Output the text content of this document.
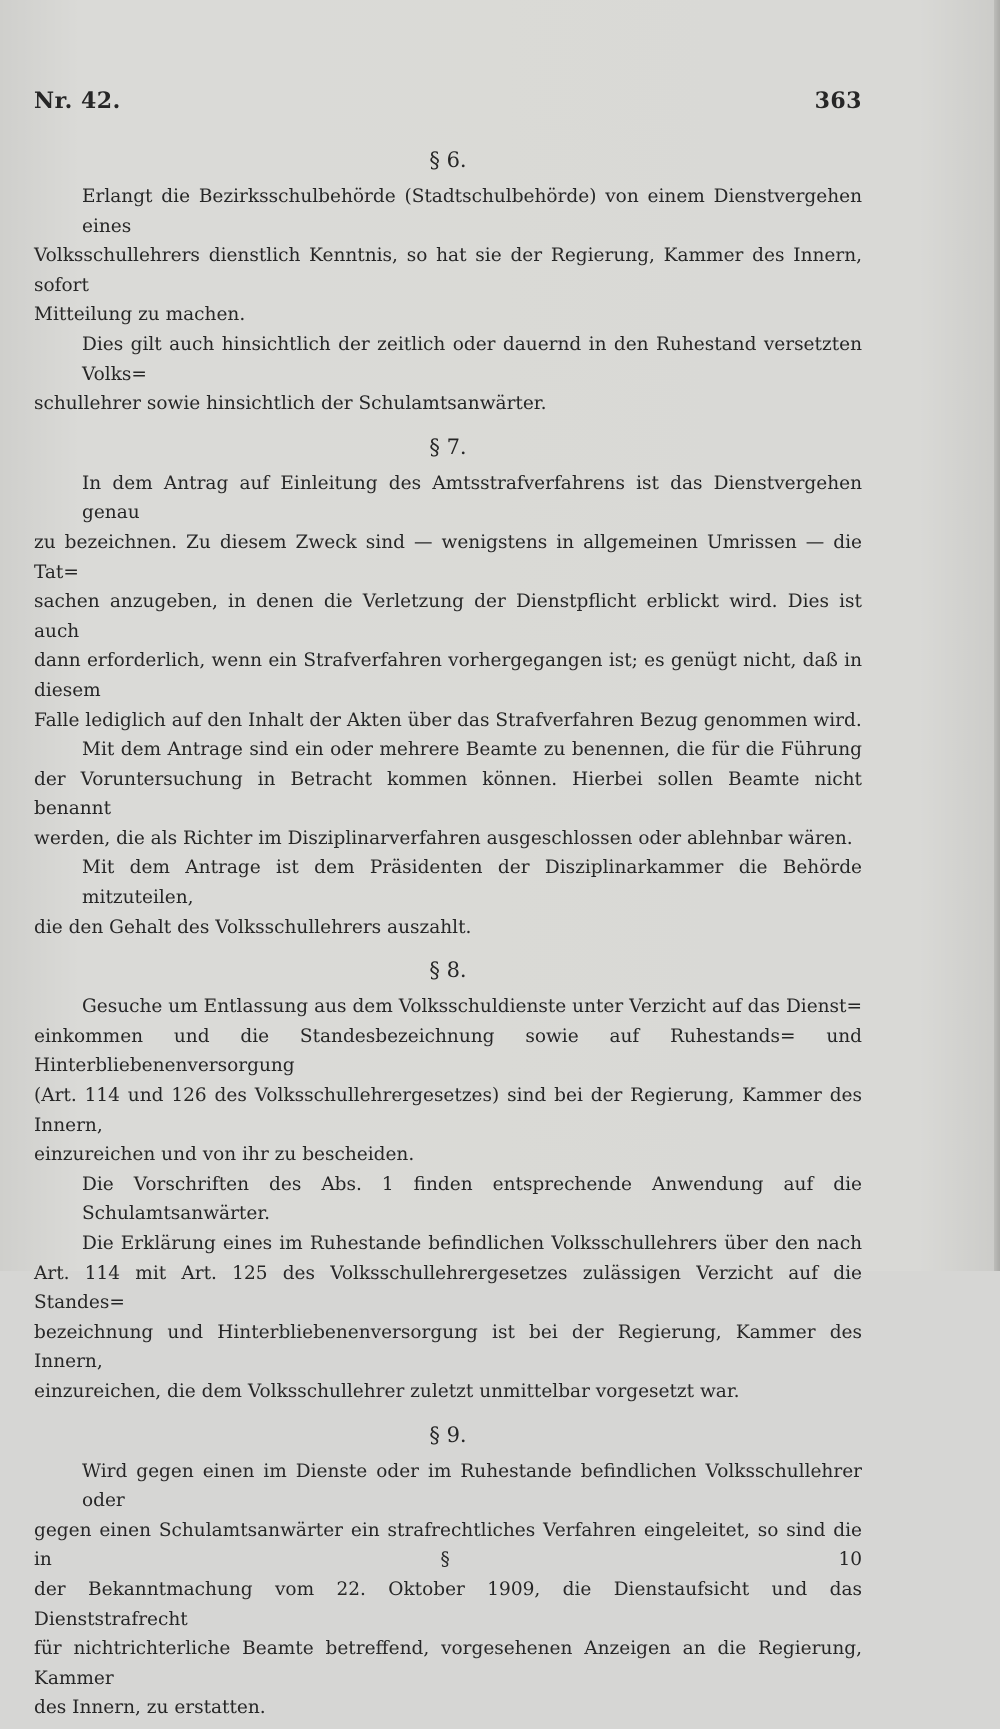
Nr. 42.	363
§ 6.
Erlangt die Bezirksschulbehörde (Stadtschulbehörde) von einem Dienstvergehen eines
Volksschullehrers dienstlich Kenntnis, so hat sie der Regierung, Kammer des Innern, sofort
Mitteilung zu machen.
Dies gilt auch hinsichtlich der zeitlich oder dauernd in den Ruhestand versetzten Volks=
schullehrer sowie hinsichtlich der Schulamtsanwärter.
§ 7.
In dem Antrag auf Einleitung des Amtsstrafverfahrens ist das Dienstvergehen genau
zu bezeichnen. Zu diesem Zweck sind — wenigstens in allgemeinen Umrissen — die Tat=
sachen anzugeben, in denen die Verletzung der Dienstpflicht erblickt wird. Dies ist auch
dann erforderlich, wenn ein Strafverfahren vorhergegangen ist; es genügt nicht, daß in diesem
Falle lediglich auf den Inhalt der Akten über das Strafverfahren Bezug genommen wird.
Mit dem Antrage sind ein oder mehrere Beamte zu benennen, die für die Führung
der Voruntersuchung in Betracht kommen können. Hierbei sollen Beamte nicht benannt
werden, die als Richter im Disziplinarverfahren ausgeschlossen oder ablehnbar wären.
Mit dem Antrage ist dem Präsidenten der Disziplinarkammer die Behörde mitzuteilen,
die den Gehalt des Volksschullehrers auszahlt.
§ 8.
Gesuche um Entlassung aus dem Volksschuldienste unter Verzicht auf das Dienst=
einkommen und die Standesbezeichnung sowie auf Ruhestands= und Hinterbliebenenversorgung
(Art. 114 und 126 des Volksschullehrergesetzes) sind bei der Regierung, Kammer des Innern,
einzureichen und von ihr zu bescheiden.
Die Vorschriften des Abs. 1 finden entsprechende Anwendung auf die Schulamtsanwärter.
Die Erklärung eines im Ruhestande befindlichen Volksschullehrers über den nach
Art. 114 mit Art. 125 des Volksschullehrergesetzes zulässigen Verzicht auf die Standes=
bezeichnung und Hinterbliebenenversorgung ist bei der Regierung, Kammer des Innern,
einzureichen, die dem Volksschullehrer zuletzt unmittelbar vorgesetzt war.
§ 9.
Wird gegen einen im Dienste oder im Ruhestande befindlichen Volksschullehrer oder
gegen einen Schulamtsanwärter ein strafrechtliches Verfahren eingeleitet, so sind die in § 10
der Bekanntmachung vom 22. Oktober 1909, die Dienstaufsicht und das Dienststrafrecht
für nichtrichterliche Beamte betreffend, vorgesehenen Anzeigen an die Regierung, Kammer
des Innern, zu erstatten.
